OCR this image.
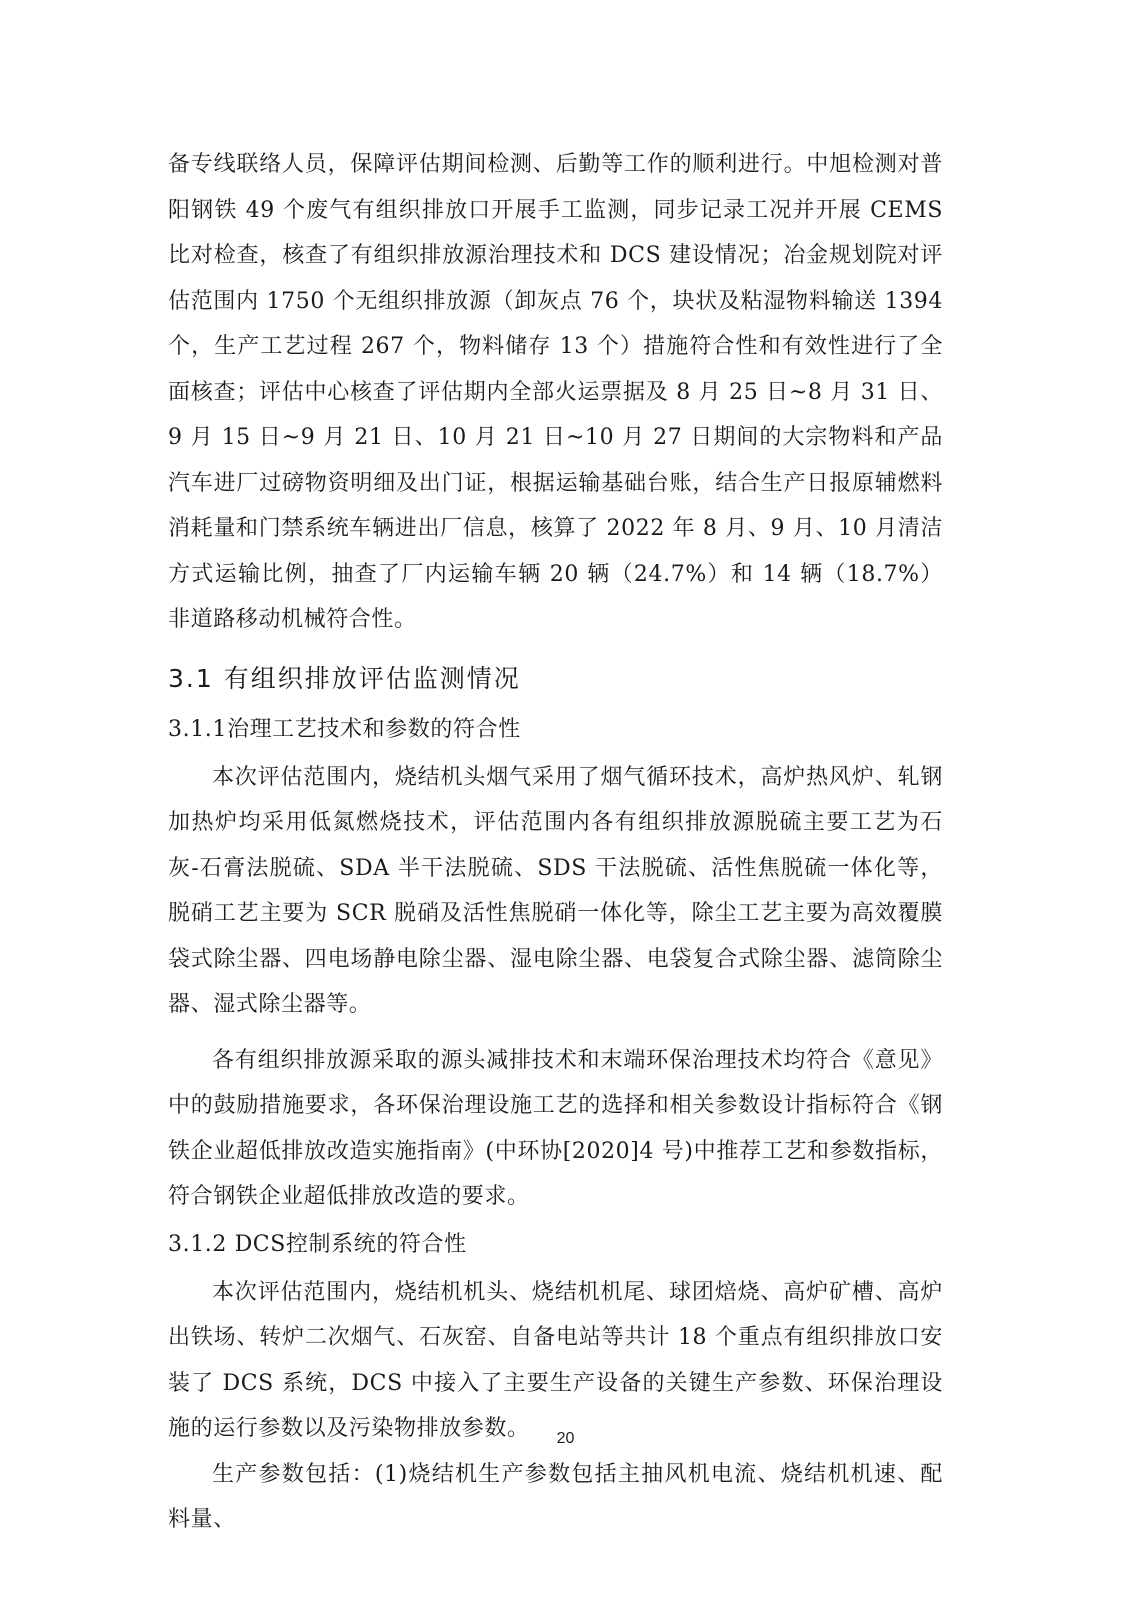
备专线联络人员，保障评估期间检测、后勤等工作的顺利进行。中旭检测对普阳钢铁 49 个废气有组织排放口开展手工监测，同步记录工况并开展 CEMS 比对检查，核查了有组织排放源治理技术和 DCS 建设情况；冶金规划院对评估范围内 1750 个无组织排放源（卸灰点 76 个，块状及粘湿物料输送 1394 个，生产工艺过程 267 个，物料储存 13 个）措施符合性和有效性进行了全面核查；评估中心核查了评估期内全部火运票据及 8 月 25 日~8 月 31 日、9 月 15 日~9 月 21 日、10 月 21 日~10 月 27 日期间的大宗物料和产品汽车进厂过磅物资明细及出门证，根据运输基础台账，结合生产日报原辅燃料消耗量和门禁系统车辆进出厂信息，核算了 2022 年 8 月、9 月、10 月清洁方式运输比例，抽查了厂内运输车辆 20 辆（24.7%）和 14 辆（18.7%）非道路移动机械符合性。

3.1 有组织排放评估监测情况
3.1.1治理工艺技术和参数的符合性

本次评估范围内，烧结机头烟气采用了烟气循环技术，高炉热风炉、轧钢加热炉均采用低氮燃烧技术，评估范围内各有组织排放源脱硫主要工艺为石灰-石膏法脱硫、SDA 半干法脱硫、SDS 干法脱硫、活性焦脱硫一体化等，脱硝工艺主要为 SCR 脱硝及活性焦脱硝一体化等，除尘工艺主要为高效覆膜袋式除尘器、四电场静电除尘器、湿电除尘器、电袋复合式除尘器、滤筒除尘器、湿式除尘器等。

各有组织排放源采取的源头减排技术和末端环保治理技术均符合《意见》中的鼓励措施要求，各环保治理设施工艺的选择和相关参数设计指标符合《钢铁企业超低排放改造实施指南》(中环协[2020]4 号)中推荐工艺和参数指标，符合钢铁企业超低排放改造的要求。

3.1.2 DCS控制系统的符合性

本次评估范围内，烧结机机头、烧结机机尾、球团焙烧、高炉矿槽、高炉出铁场、转炉二次烟气、石灰窑、自备电站等共计 18 个重点有组织排放口安装了 DCS 系统，DCS 中接入了主要生产设备的关键生产参数、环保治理设施的运行参数以及污染物排放参数。

生产参数包括：(1)烧结机生产参数包括主抽风机电流、烧结机机速、配料量、

20
